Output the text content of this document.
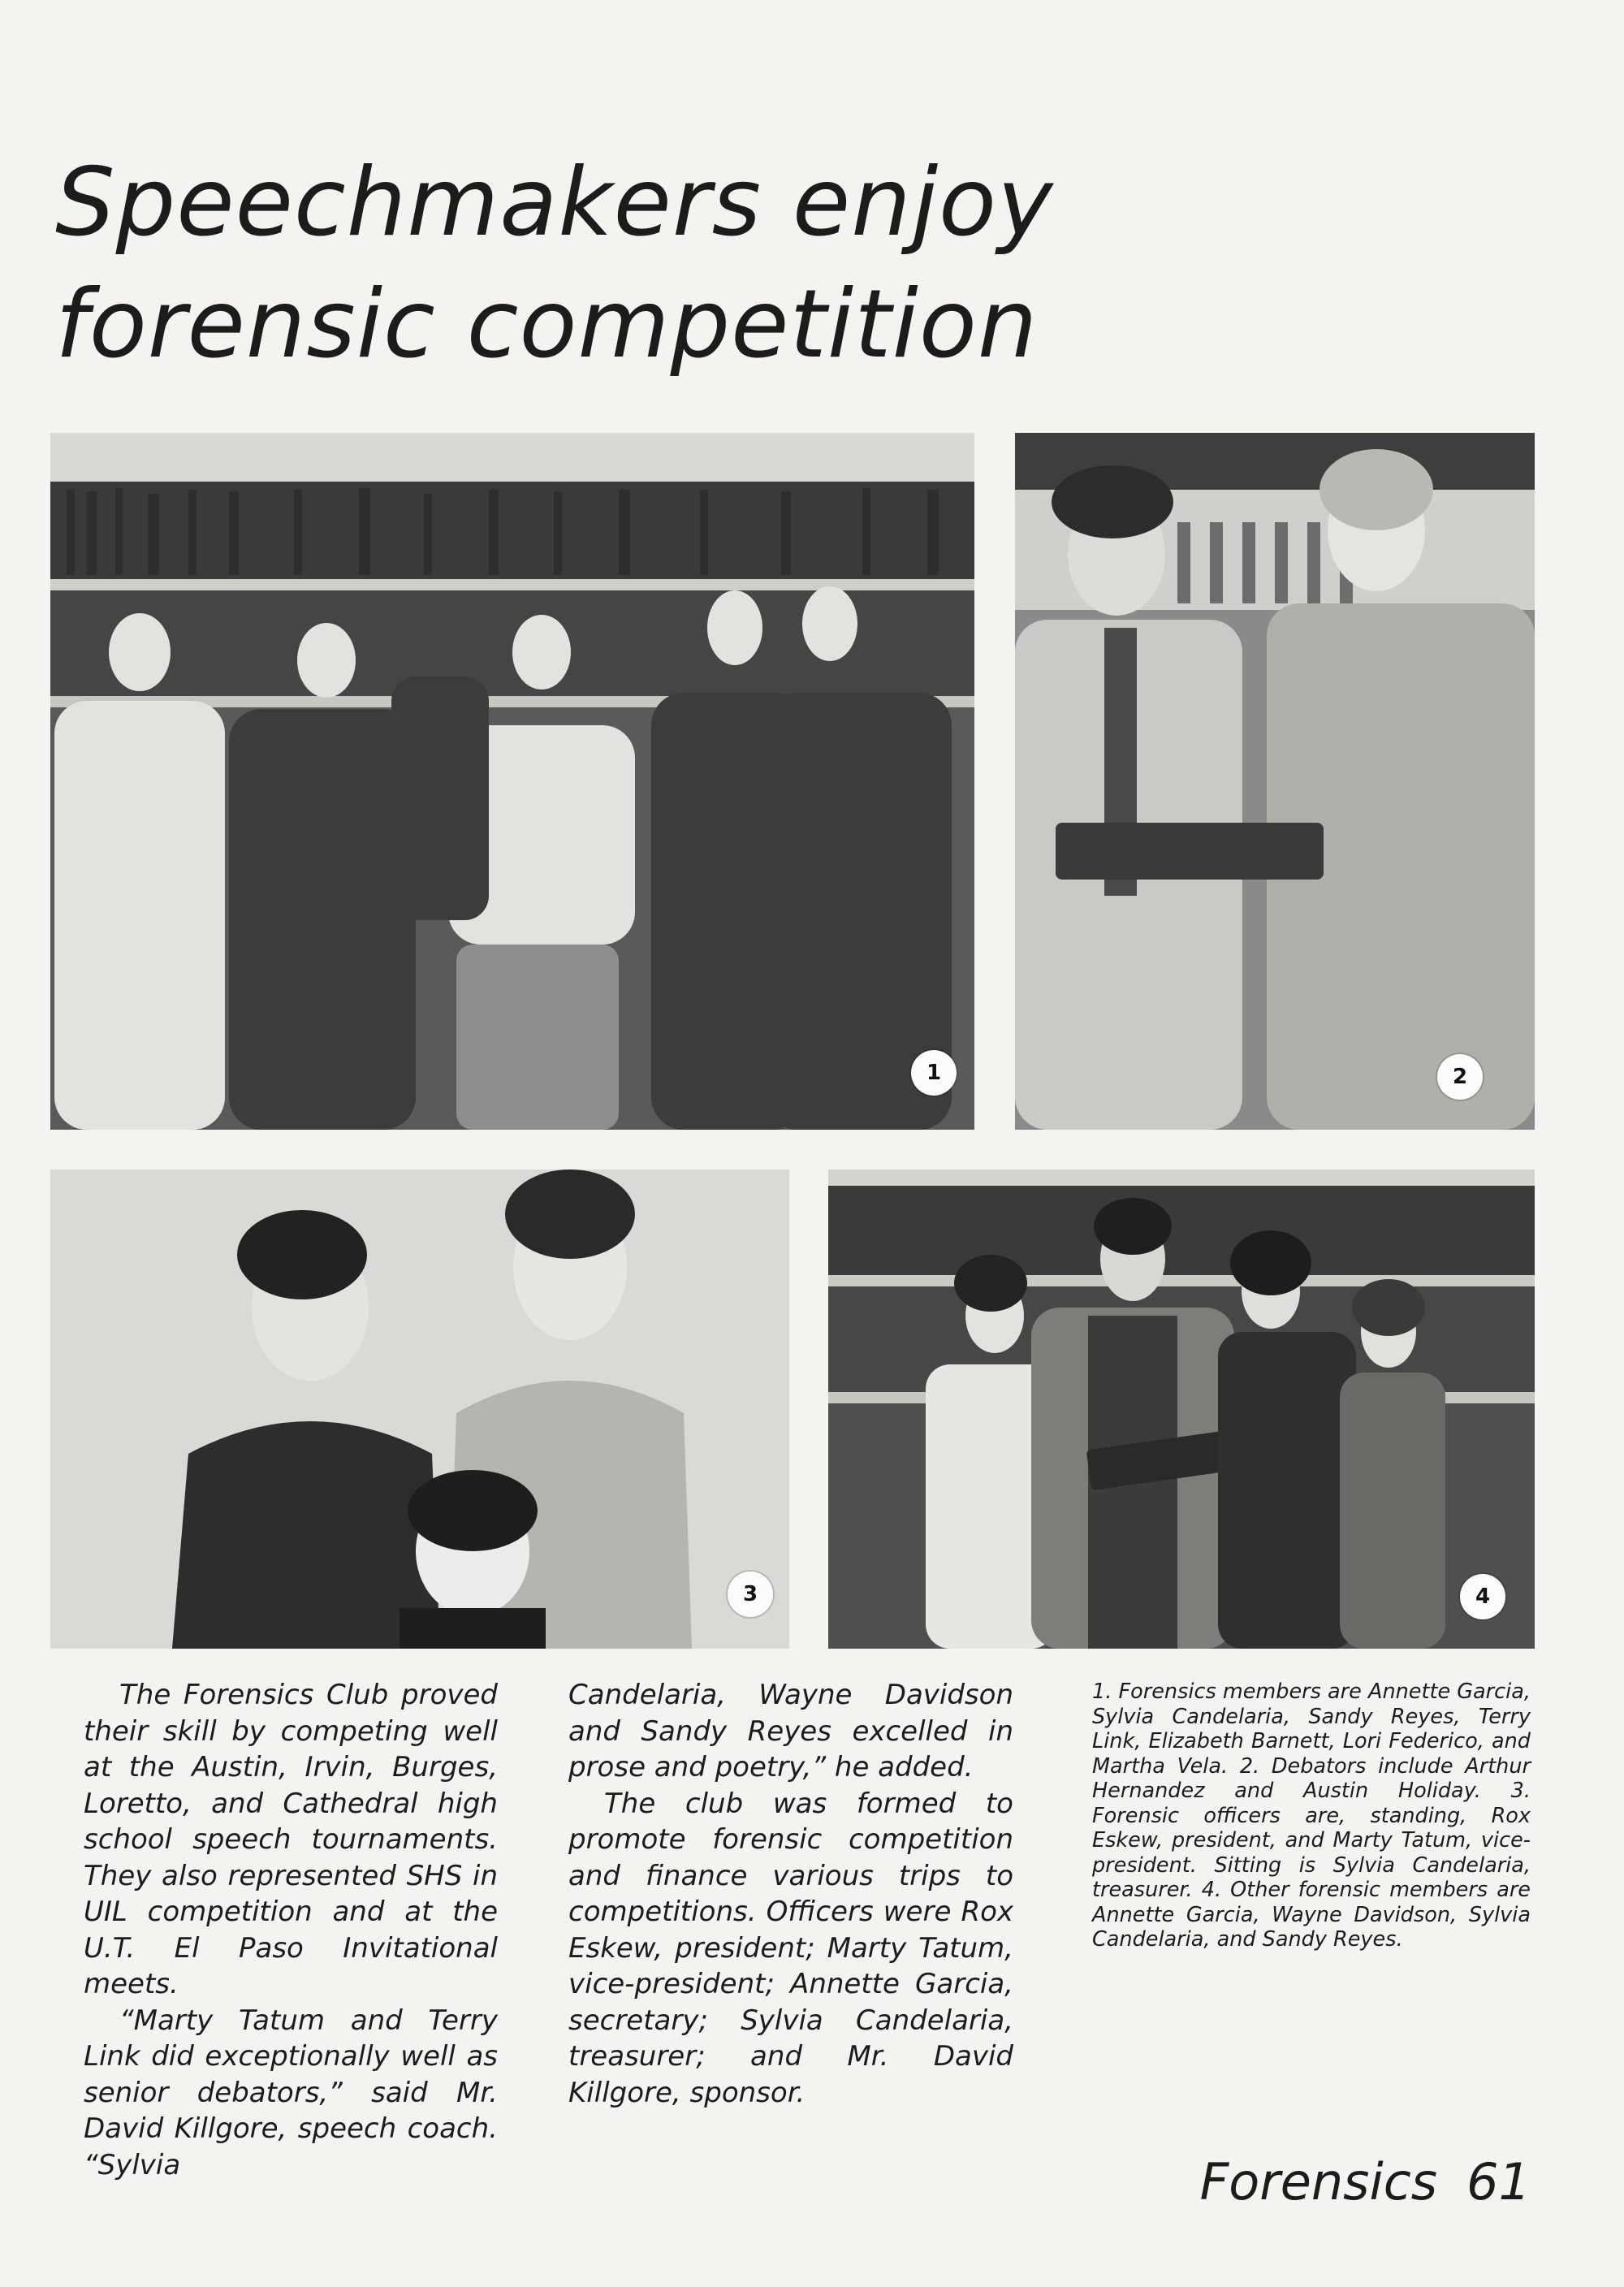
Speechmakers enjoy
forensic competition
1	2
3	4

The Forensics Club proved their skill by competing well at the Austin, Irvin, Burges, Loretto, and Cathedral high school speech tournaments. They also represented SHS in UIL competition and at the U.T. El Paso Invitational meets.

“Marty Tatum and Terry Link did exceptionally well as senior debators,” said Mr. David Killgore, speech coach. “Sylvia

Candelaria, Wayne Davidson and Sandy Reyes excelled in prose and poetry,” he added.

The club was formed to promote forensic competition and finance various trips to competitions. Officers were Rox Eskew, president; Marty Tatum, vice-president; Annette Garcia, secretary; Sylvia Candelaria, treasurer; and Mr. David Killgore, sponsor.

1. Forensics members are Annette Garcia, Sylvia Candelaria, Sandy Reyes, Terry Link, Elizabeth Barnett, Lori Federico, and Martha Vela. 2. Debators include Arthur Hernandez and Austin Holiday. 3. Forensic officers are, standing, Rox Eskew, president, and Marty Tatum, vice-president. Sitting is Sylvia Candelaria, treasurer. 4. Other forensic members are Annette Garcia, Wayne Davidson, Sylvia Candelaria, and Sandy Reyes.
Forensics 61
